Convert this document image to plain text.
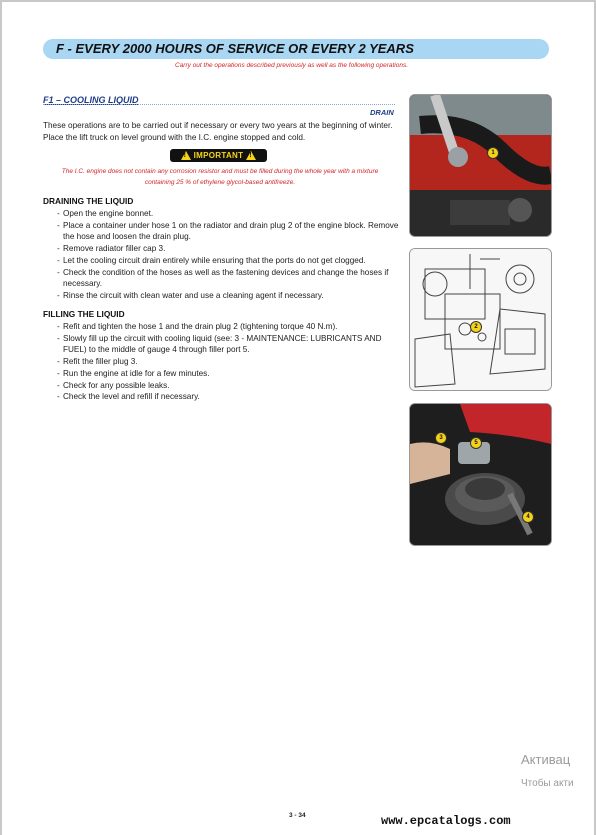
F - EVERY 2000 HOURS OF SERVICE OR EVERY 2 YEARS
Carry out the operations described previously as well as the following operations.
F1 – COOLING LIQUID
DRAIN
These operations are to be carried out if necessary or every two years at the beginning of winter. Place the lift truck on level ground with the I.C. engine stopped and cold.
!
IMPORTANT
!
The I.C. engine does not contain any corrosion resistor and must be filled during the whole year with a mixture containing 25 % of ethylene glycol-based antifreeze.
DRAINING THE LIQUID
- Open the engine bonnet.
- Place a container under hose 1 on the radiator and drain plug 2 of the engine block. Remove the hose and loosen the drain plug.
- Remove radiator filler cap 3.
- Let the cooling circuit drain entirely while ensuring that the ports do not get clogged.
- Check the condition of the hoses as well as the fastening devices and change the hoses if necessary.
- Rinse the circuit with clean water and use a cleaning agent if necessary.
FILLING THE LIQUID
- Refit and tighten the hose 1 and the drain plug 2 (tightening torque 40 N.m).
- Slowly fill up the circuit with cooling liquid (see: 3 - MAINTENANCE: LUBRICANTS AND FUEL) to the middle of gauge 4 through filler port 5.
- Refit the filler plug 3.
- Run the engine at idle for a few minutes.
- Check for any possible leaks.
- Check the level and refill if necessary.
1
2
3
5
4
Активац
Чтобы акти
3 - 34	www.epcatalogs.com
